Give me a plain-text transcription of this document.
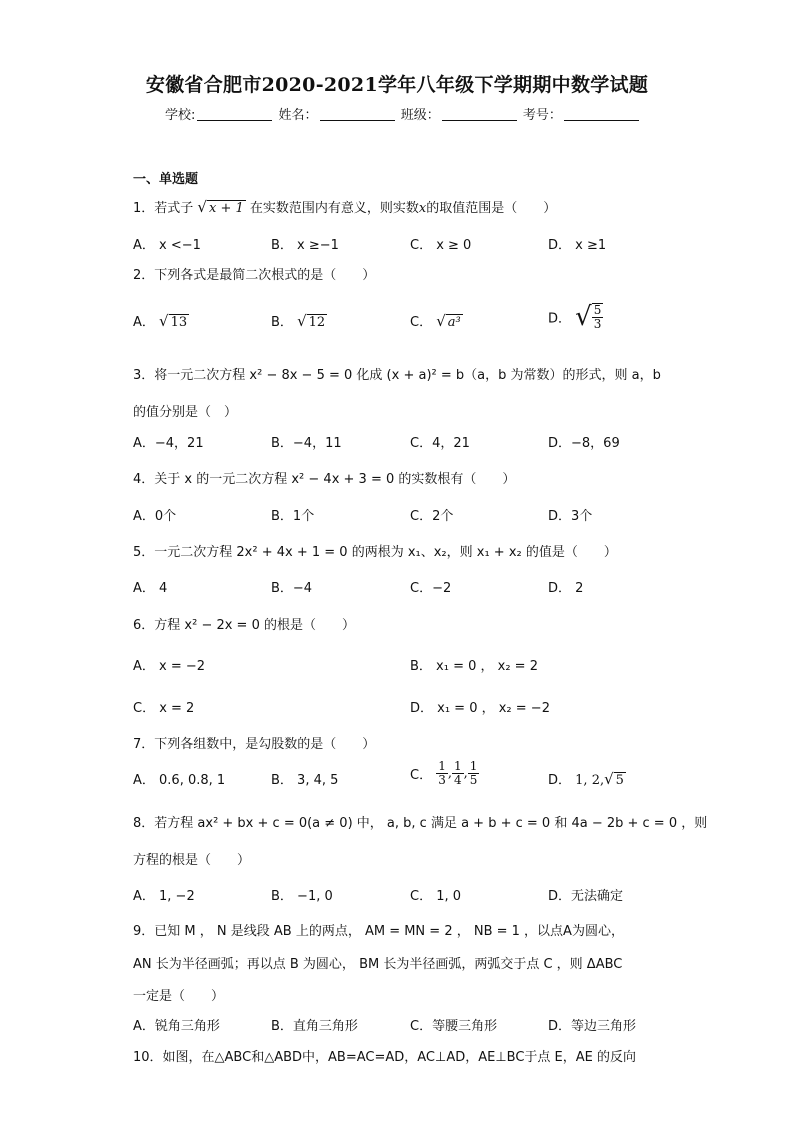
安徽省合肥市2020-2021学年八年级下学期期中数学试题
学校:	姓名：	班级：	考号：
一、单选题
1．若式子 √ x + 1 在实数范围内有意义，则实数x的取值范围是（　　）
A． x <−1	B． x ≥−1	C． x ≥ 0	D． x ≥1
2．下列各式是最简二次根式的是（　　）
A． √ 13	B． √ 12	C． √ a³	D． √ $\frac{5}{3}$
3．将一元二次方程 x² − 8x − 5 = 0 化成 (x + a)² = b（a，b 为常数）的形式，则 a，b
的值分别是（　）
A．−4，21	B．−4，11	C．4，21	D．−8，69
4．关于 x 的一元二次方程 x² − 4x + 3 = 0 的实数根有（　　）
A．0个	B．1个	C．2个	D．3个
5．一元二次方程 2x² + 4x + 1 = 0 的两根为 x₁、x₂，则 x₁ + x₂ 的值是（　　）
A． 4	B．−4	C．−2	D． 2
6．方程 x² − 2x = 0 的根是（　　）
A． x = −2	B． x₁ = 0 ， x₂ = 2
C． x = 2	D． x₁ = 0 ， x₂ = −2
7．下列各组数中，是勾股数的是（　　）
A． 0.6, 0.8, 1	B． 3, 4, 5	C． $\frac{1}{3}$ , $\frac{1}{4}$ , $\frac{1}{5}$	D． 1, 2,√ 5
8．若方程 ax² + bx + c = 0(a ≠ 0) 中， a, b, c 满足 a + b + c = 0 和 4a − 2b + c = 0 ，则
方程的根是（　　）
A． 1, −2	B． −1, 0	C． 1, 0	D．无法确定
9．已知 M ， N 是线段 AB 上的两点， AM = MN = 2 ， NB = 1 ，以点A为圆心，
AN 长为半径画弧；再以点 B 为圆心， BM 长为半径画弧，两弧交于点 C ，则 ΔABC
一定是（　　）
A．锐角三角形	B．直角三角形	C．等腰三角形	D．等边三角形
10．如图，在△ABC和△ABD中，AB=AC=AD，AC⊥AD，AE⊥BC于点 E，AE 的反向
